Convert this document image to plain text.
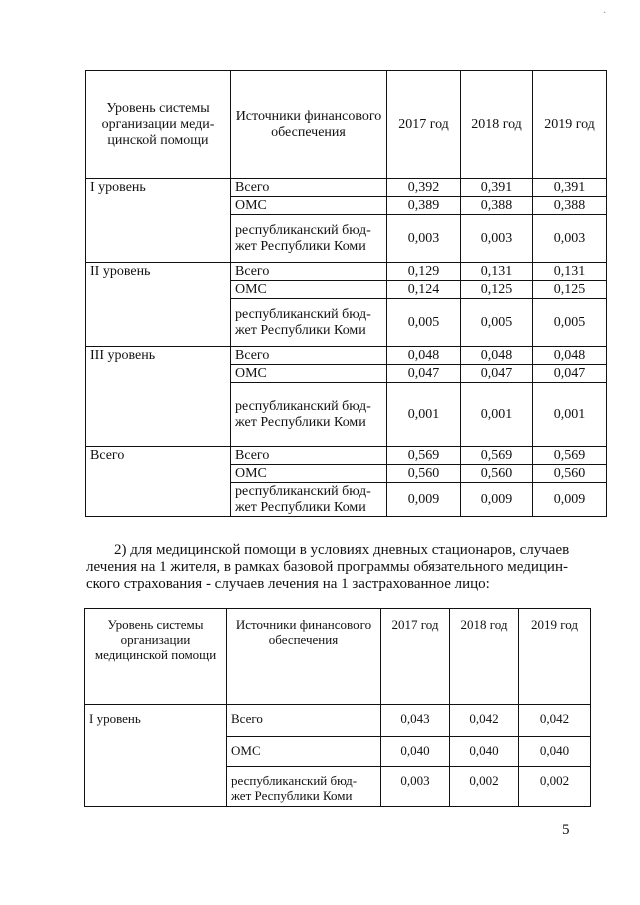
Уровень системы организации меди-цинской помощи	Источники финансового обеспечения	2017 год	2018 год	2019 год
I уровень	Всего	0,392	0,391	0,391
	ОМС	0,389	0,388	0,388
	республиканский бюд-жет Республики Коми	0,003	0,003	0,003
II уровень	Всего	0,129	0,131	0,131
	ОМС	0,124	0,125	0,125
	республиканский бюд-жет Республики Коми	0,005	0,005	0,005
III уровень	Всего	0,048	0,048	0,048
	ОМС	0,047	0,047	0,047
	республиканский бюд-жет Республики Коми	0,001	0,001	0,001
Всего	Всего	0,569	0,569	0,569
	ОМС	0,560	0,560	0,560
	республиканский бюд-жет Республики Коми	0,009	0,009	0,009
2) для медицинской помощи в условиях дневных стационаров, случаев
лечения на 1 жителя, в рамках базовой программы обязательного медицин-
ского страхования - случаев лечения на 1 застрахованное лицо:
Уровень системы организации медицинской помощи	Источники финансового обеспечения	2017 год	2018 год	2019 год
I уровень	Всего	0,043	0,042	0,042
	ОМС	0,040	0,040	0,040
	республиканский бюд-жет Республики Коми	0,003	0,002	0,002
5
·
